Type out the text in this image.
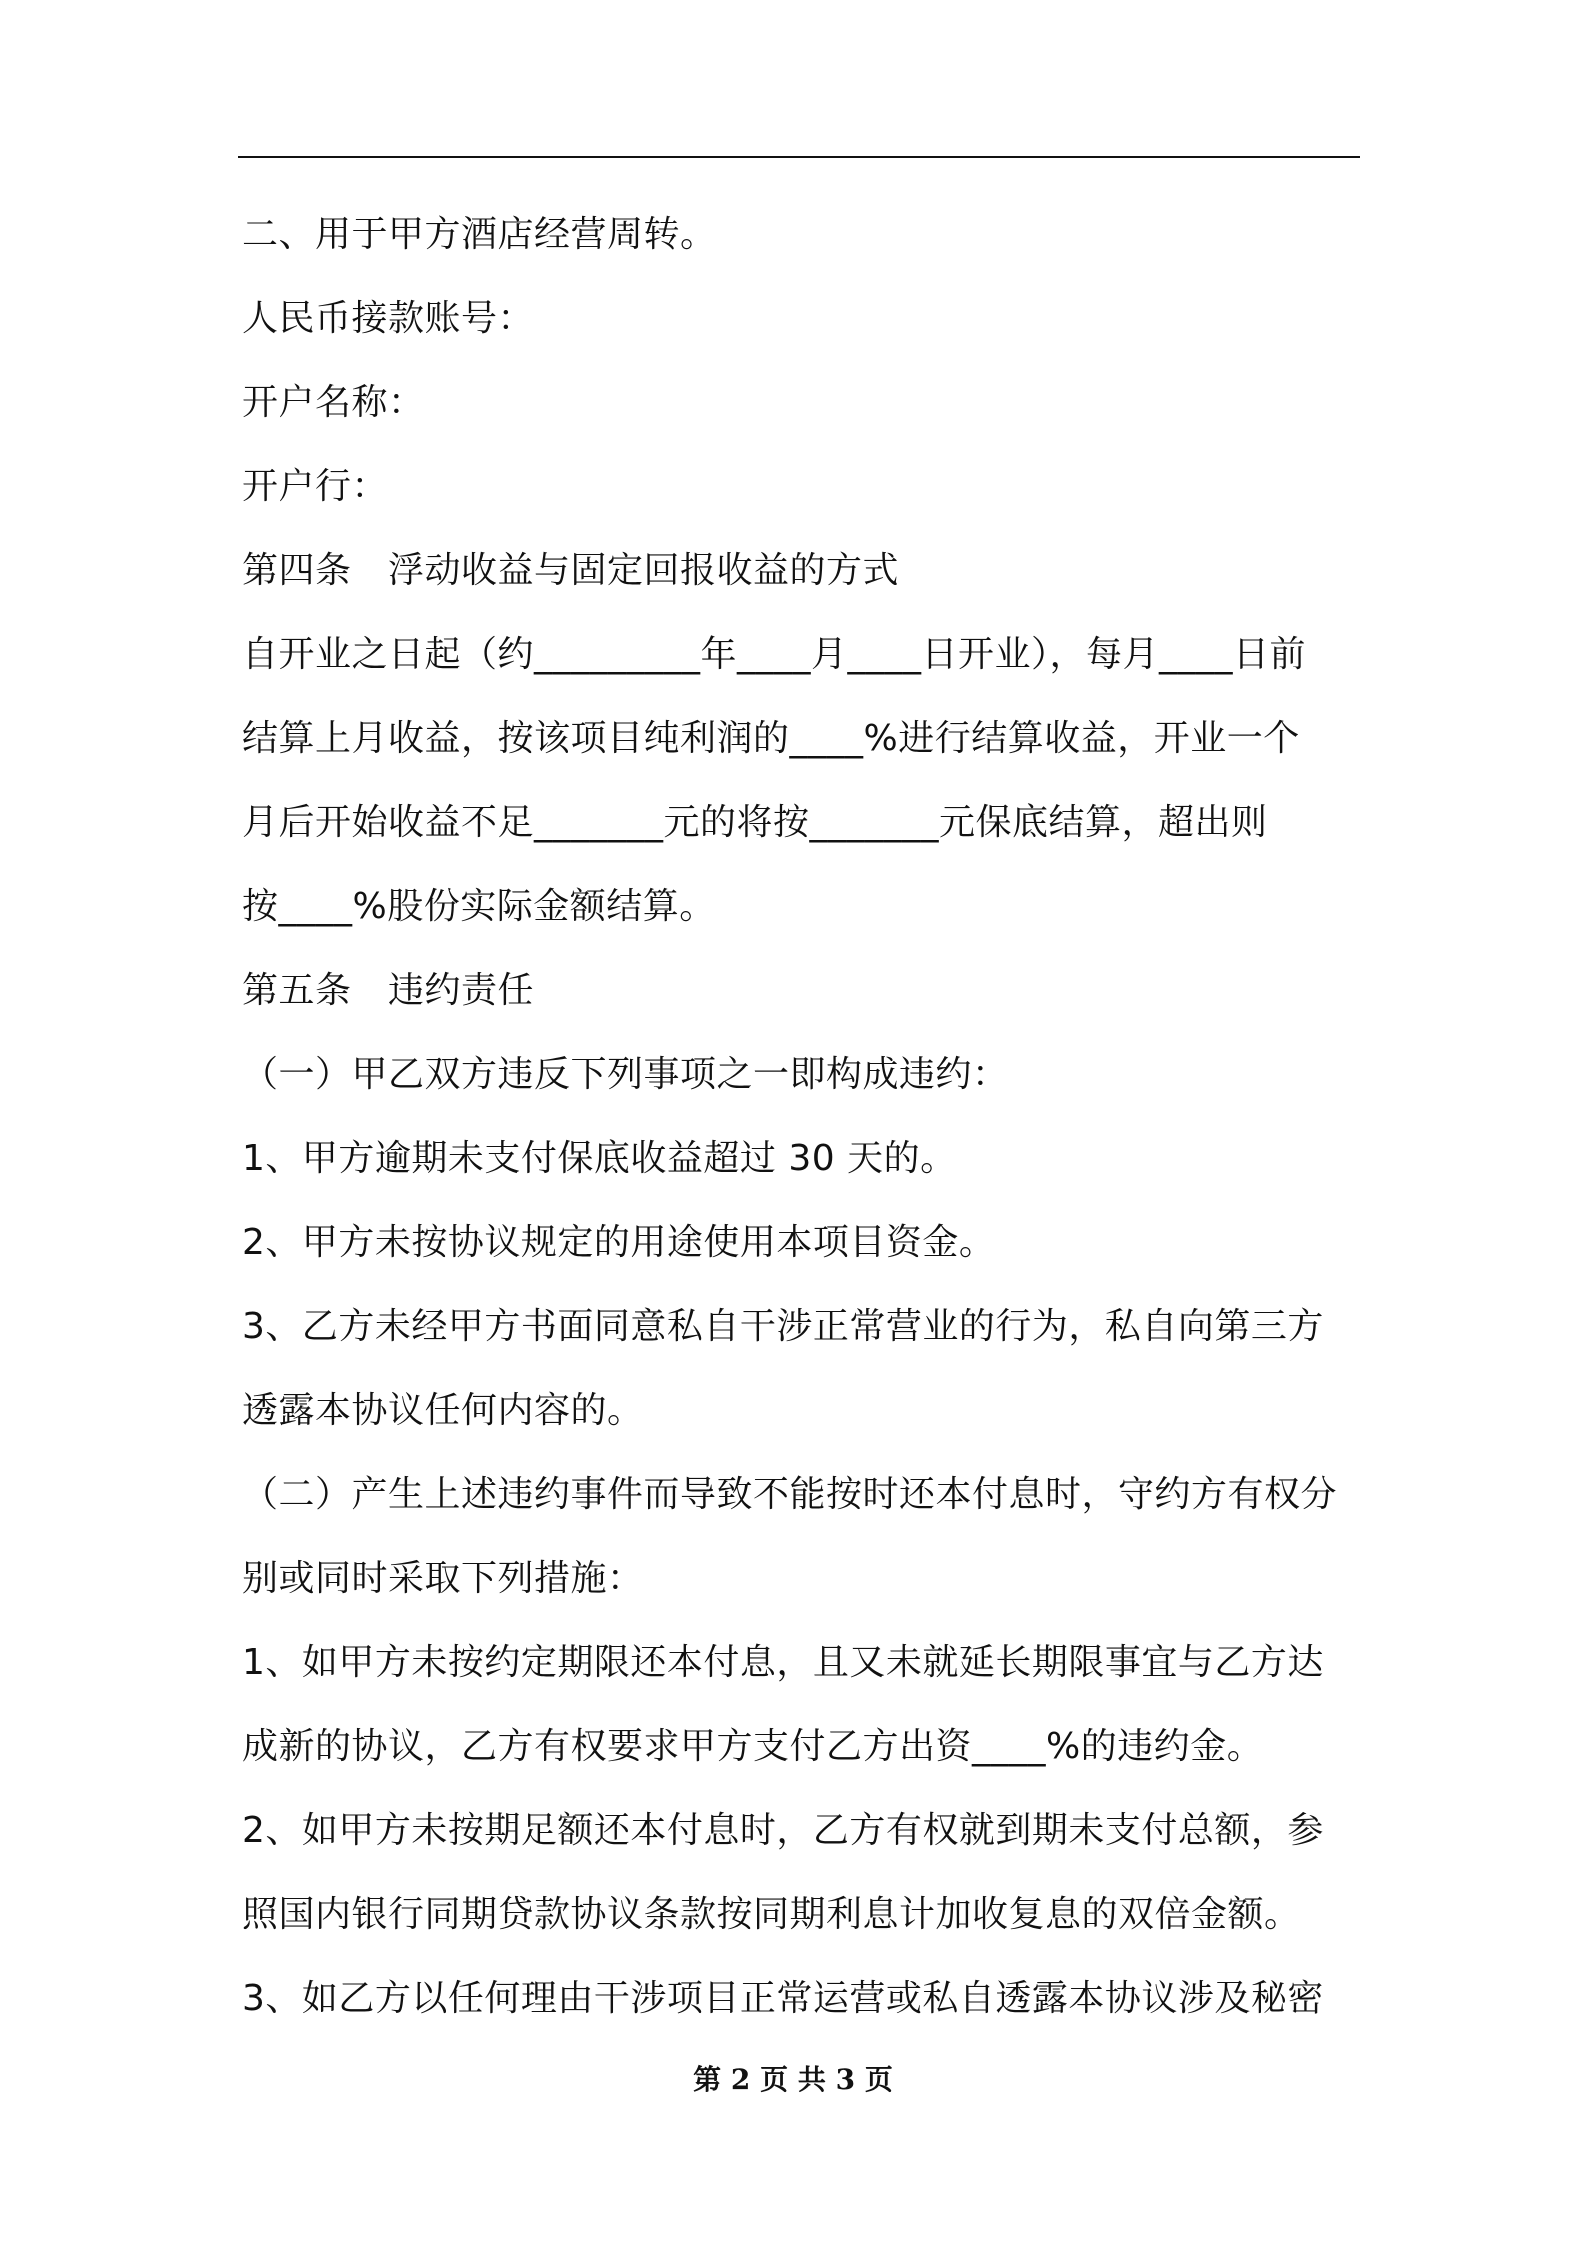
二、用于甲方酒店经营周转。
人民币接款账号：
开户名称：
开户行：
第四条　浮动收益与固定回报收益的方式
自开业之日起（约_________年____月____日开业），每月____日前
结算上月收益，按该项目纯利润的____%进行结算收益，开业一个
月后开始收益不足_______元的将按_______元保底结算，超出则
按____%股份实际金额结算。
第五条　违约责任
（一）甲乙双方违反下列事项之一即构成违约：
1、甲方逾期未支付保底收益超过 30 天的。
2、甲方未按协议规定的用途使用本项目资金。
3、乙方未经甲方书面同意私自干涉正常营业的行为，私自向第三方
透露本协议任何内容的。
（二）产生上述违约事件而导致不能按时还本付息时，守约方有权分
别或同时采取下列措施：
1、如甲方未按约定期限还本付息，且又未就延长期限事宜与乙方达
成新的协议，乙方有权要求甲方支付乙方出资____%的违约金。
2、如甲方未按期足额还本付息时，乙方有权就到期未支付总额，参
照国内银行同期贷款协议条款按同期利息计加收复息的双倍金额。
3、如乙方以任何理由干涉项目正常运营或私自透露本协议涉及秘密
第 2 页 共 3 页
